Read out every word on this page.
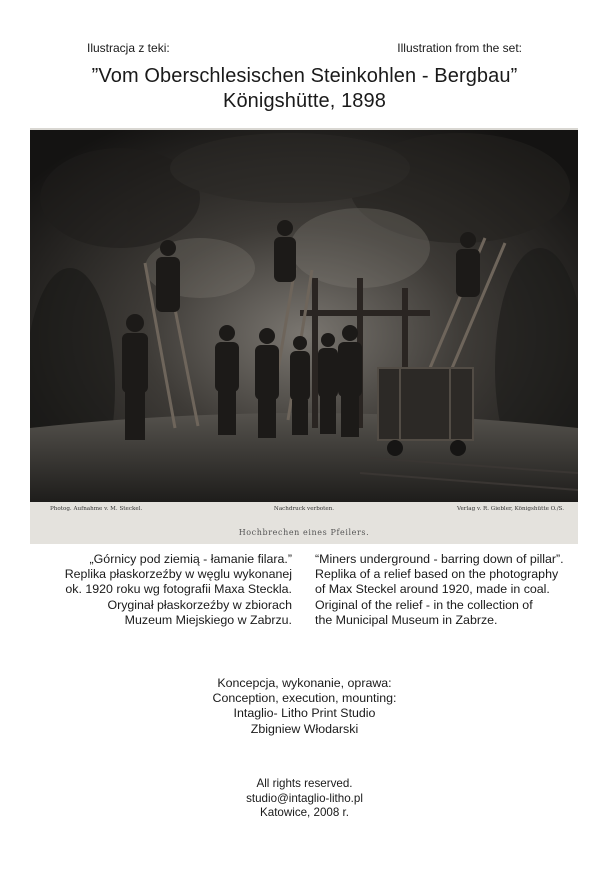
Ilustracja z teki:	Illustration from the set:
”Vom Oberschlesischen Steinkohlen - Bergbau”
Königshütte, 1898
Photog. Aufnahme v. M. Steckel.	Nachdruck verboten.	Verlag v. R. Giebler, Königshütte O./S.
Hochbrechen eines Pfeilers.
„Górnicy pod ziemią - łamanie filara.”
Replika płaskorzeźby w węglu wykonanej
ok. 1920 roku wg fotografii Maxa Steckla.
Oryginał płaskorzeźby w zbiorach
Muzeum Miejskiego w Zabrzu.
“Miners underground - barring down of pillar”.
Replika of a relief based on the photography
of Max Steckel around 1920, made in coal.
Original of the relief - in the collection of
the Municipal Museum in Zabrze.
Koncepcja, wykonanie, oprawa:
Conception, execution, mounting:
Intaglio- Litho Print Studio
Zbigniew Włodarski
All rights reserved.
studio@intaglio-litho.pl
Katowice, 2008 r.
